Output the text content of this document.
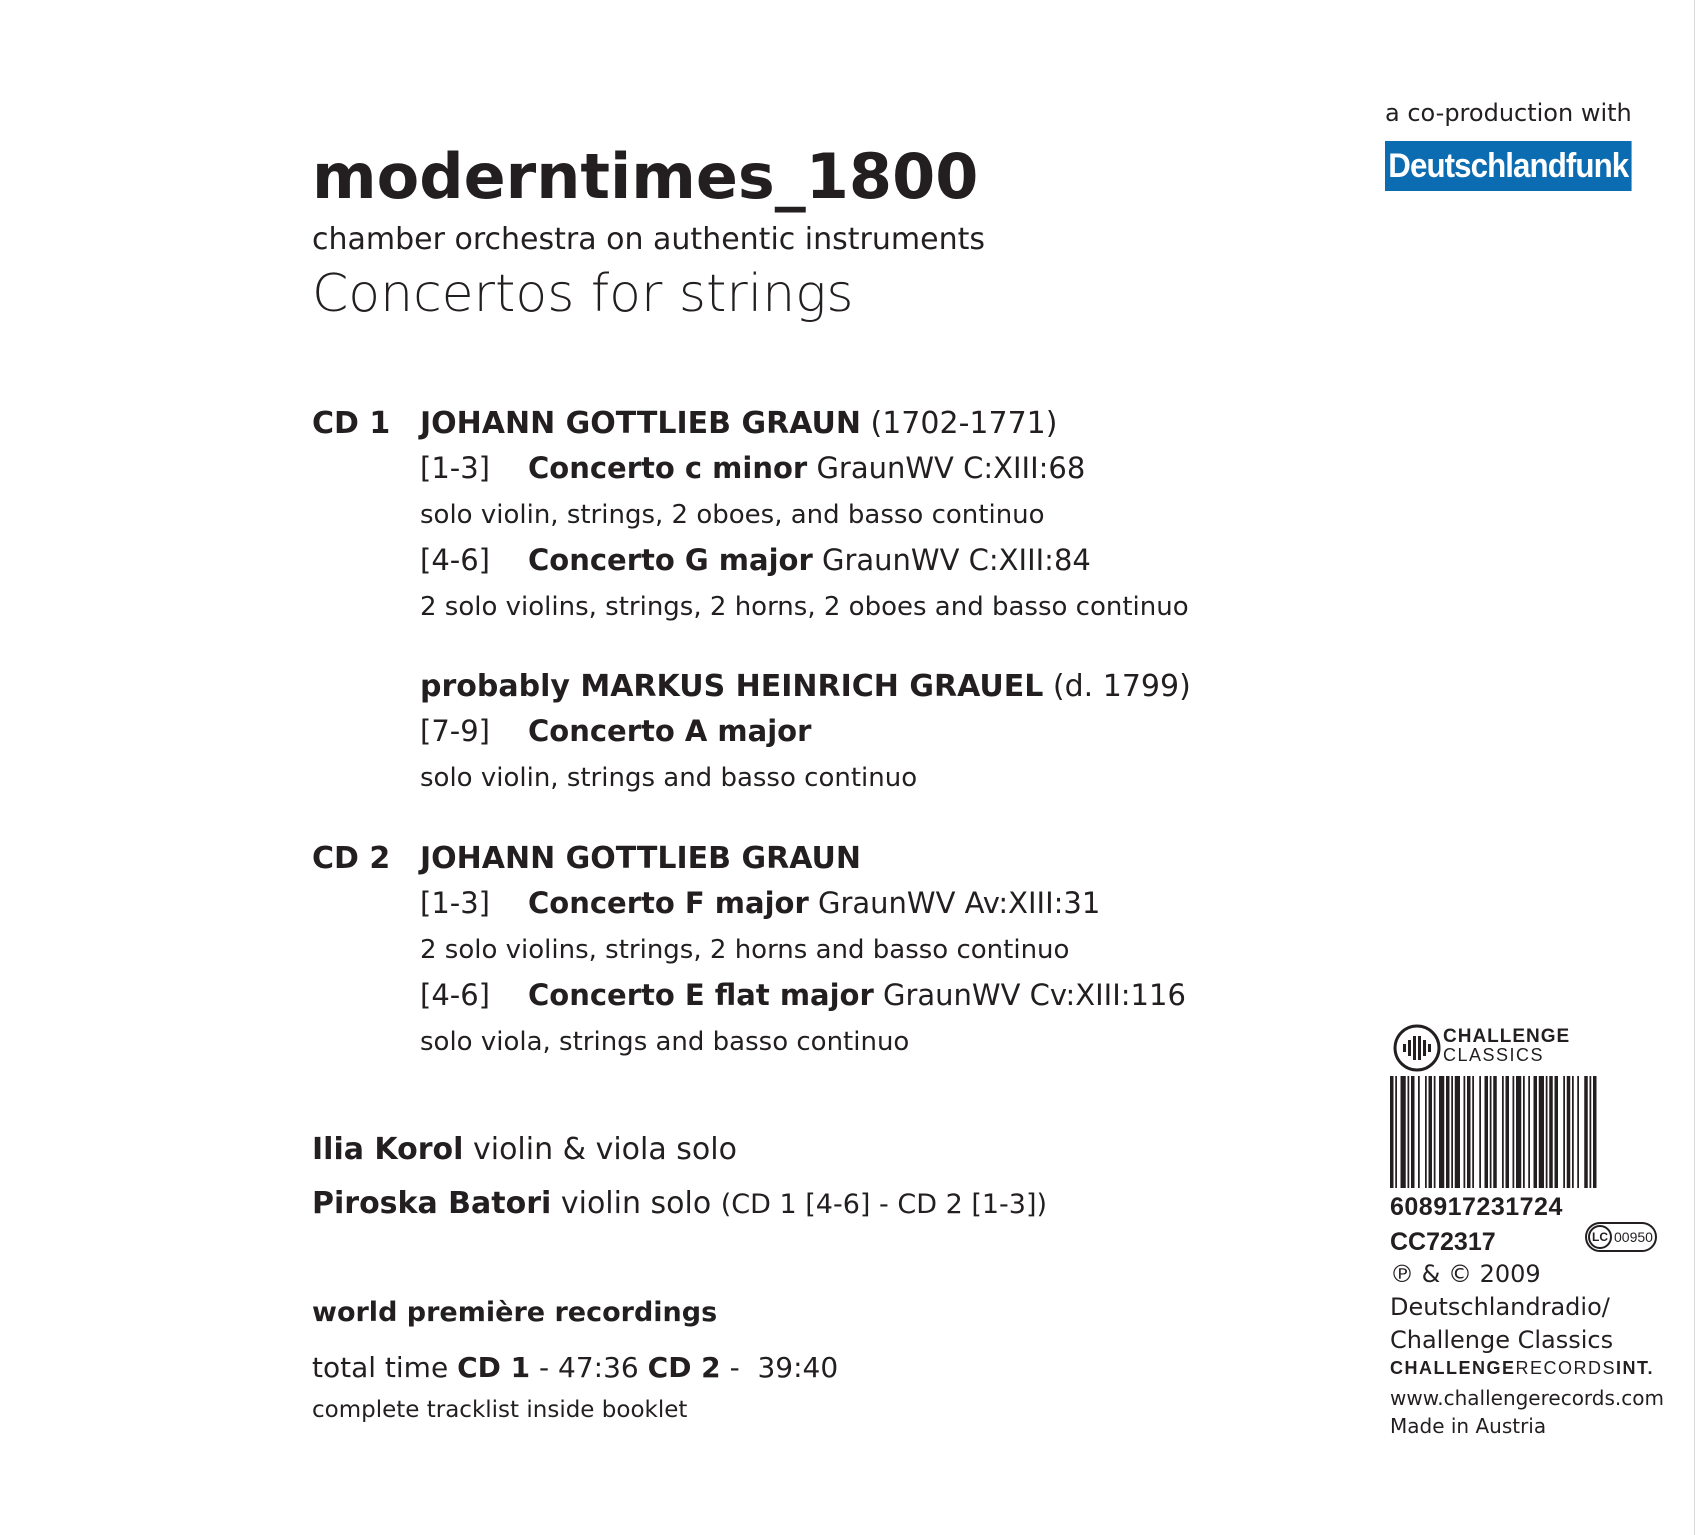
moderntimes_1800
chamber orchestra on authentic instruments
Concertos for strings
a co-production with
Deutschlandfunk
CD 1 JOHANN GOTTLIEB GRAUN (1702-1771)
[1-3] Concerto c minor GraunWV C:XIII:68
solo violin, strings, 2 oboes, and basso continuo
[4-6] Concerto G major GraunWV C:XIII:84
2 solo violins, strings, 2 horns, 2 oboes and basso continuo
probably MARKUS HEINRICH GRAUEL (d. 1799)
[7-9] Concerto A major
solo violin, strings and basso continuo
CD 2 JOHANN GOTTLIEB GRAUN
[1-3] Concerto F major GraunWV Av:XIII:31
2 solo violins, strings, 2 horns and basso continuo
[4-6] Concerto E flat major GraunWV Cv:XIII:116
solo viola, strings and basso continuo
Ilia Korol violin & viola solo
Piroska Batori violin solo (CD 1 [4-6] - CD 2 [1-3])
world première recordings
total time CD 1 - 47:36 CD 2 -  39:40
complete tracklist inside booklet
CHALLENGE
CLASSICS
608917231724
CC72317	LC 00950
℗ & © 2009
Deutschlandradio/
Challenge Classics
CHALLENGERECORDSINT.
www.challengerecords.com
Made in Austria
